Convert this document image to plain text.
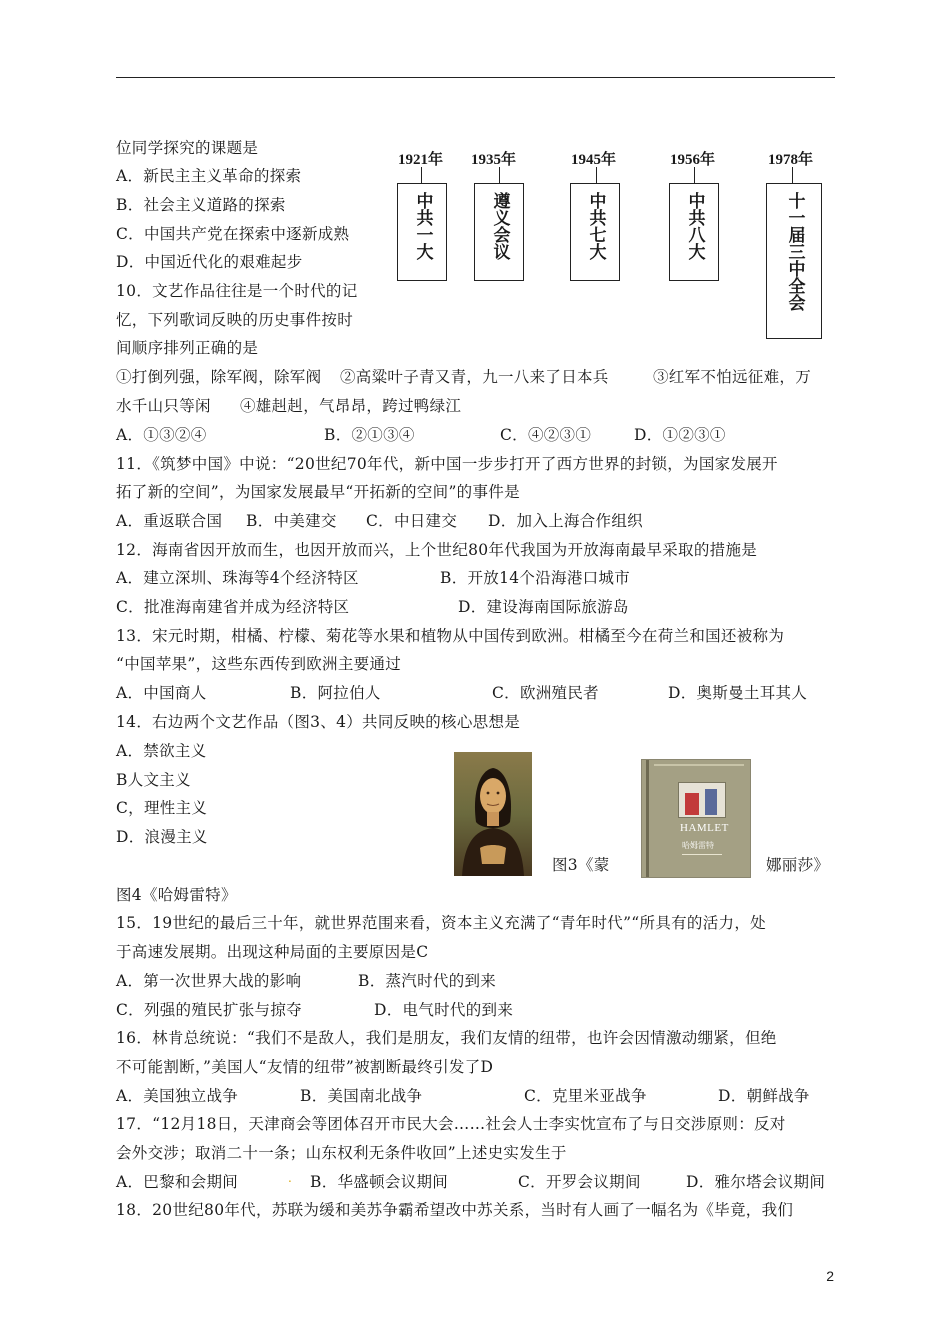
位同学探究的课题是
A．新民主主义革命的探索
B．社会主义道路的探索
C．中国共产党在探索中逐新成熟
D．中国近代化的艰难起步
10．文艺作品往往是一个时代的记
忆，下列歌词反映的历史事件按时
间顺序排列正确的是
1921年
中共一大
1935年
遵义会议
1945年
中共七大
1956年
中共八大
1978年
十一届三中全会
①打倒列强，除军阀，除军阀 ②高粱叶子青又青，九一八来了日本兵	③红军不怕远征难，万
水千山只等闲 ④雄赳赳，气昂昂，跨过鸭绿江
A．①③②④	B．②①③④	C．④②③①	D．①②③①
11．《筑梦中国》中说：“20世纪70年代，新中国一步步打开了西方世界的封锁，为国家发展开
拓了新的空间”，为国家发展最早“开拓新的空间”的事件是
A．重返联合国 B．中美建交 C．中日建交 D．加入上海合作组织
12．海南省因开放而生，也因开放而兴，上个世纪80年代我国为开放海南最早采取的措施是
A．建立深圳、珠海等4个经济特区	B．开放14个沿海港口城市
C．批准海南建省并成为经济特区	D．建设海南国际旅游岛
13．宋元时期，柑橘、柠檬、菊花等水果和植物从中国传到欧洲。柑橘至今在荷兰和国还被称为
“中国苹果”，这些东西传到欧洲主要通过
A．中国商人	B．阿拉伯人	C．欧洲殖民者	D．奥斯曼土耳其人
14．右边两个文艺作品（图3、4）共同反映的核心思想是
A．禁欲主义
B人文主义
C，理性主义
D．浪漫主义	HAMLET
哈姆雷特
图3《蒙	娜丽莎》
图4《哈姆雷特》
15．19世纪的最后三十年，就世界范围来看，资本主义充满了“青年时代”“所具有的活力，处
于高速发展期。出现这种局面的主要原因是C
A．第一次世界大战的影响	B．蒸汽时代的到来
C．列强的殖民扩张与掠夺	D．电气时代的到来
16．林肯总统说：“我们不是敌人，我们是朋友，我们友情的纽带，也许会因情激动绷紧，但绝
不可能割断，”美国人“友情的纽带”被割断最终引发了D
A．美国独立战争	B．美国南北战争	C．克里米亚战争	D．朝鲜战争
17．“12月18日，天津商会等团体召开市民大会……社会人士李实忱宣布了与日交涉原则：反对
会外交涉；取消二十一条；山东权利无条件收回”上述史实发生于
A．巴黎和会期间	. B．华盛顿会议期间	C．开罗会议期间	D．雅尔塔会议期间
18．20世纪80年代，苏联为缓和美苏争霸希望改中苏关系，当时有人画了一幅名为《毕竟，我们
2
